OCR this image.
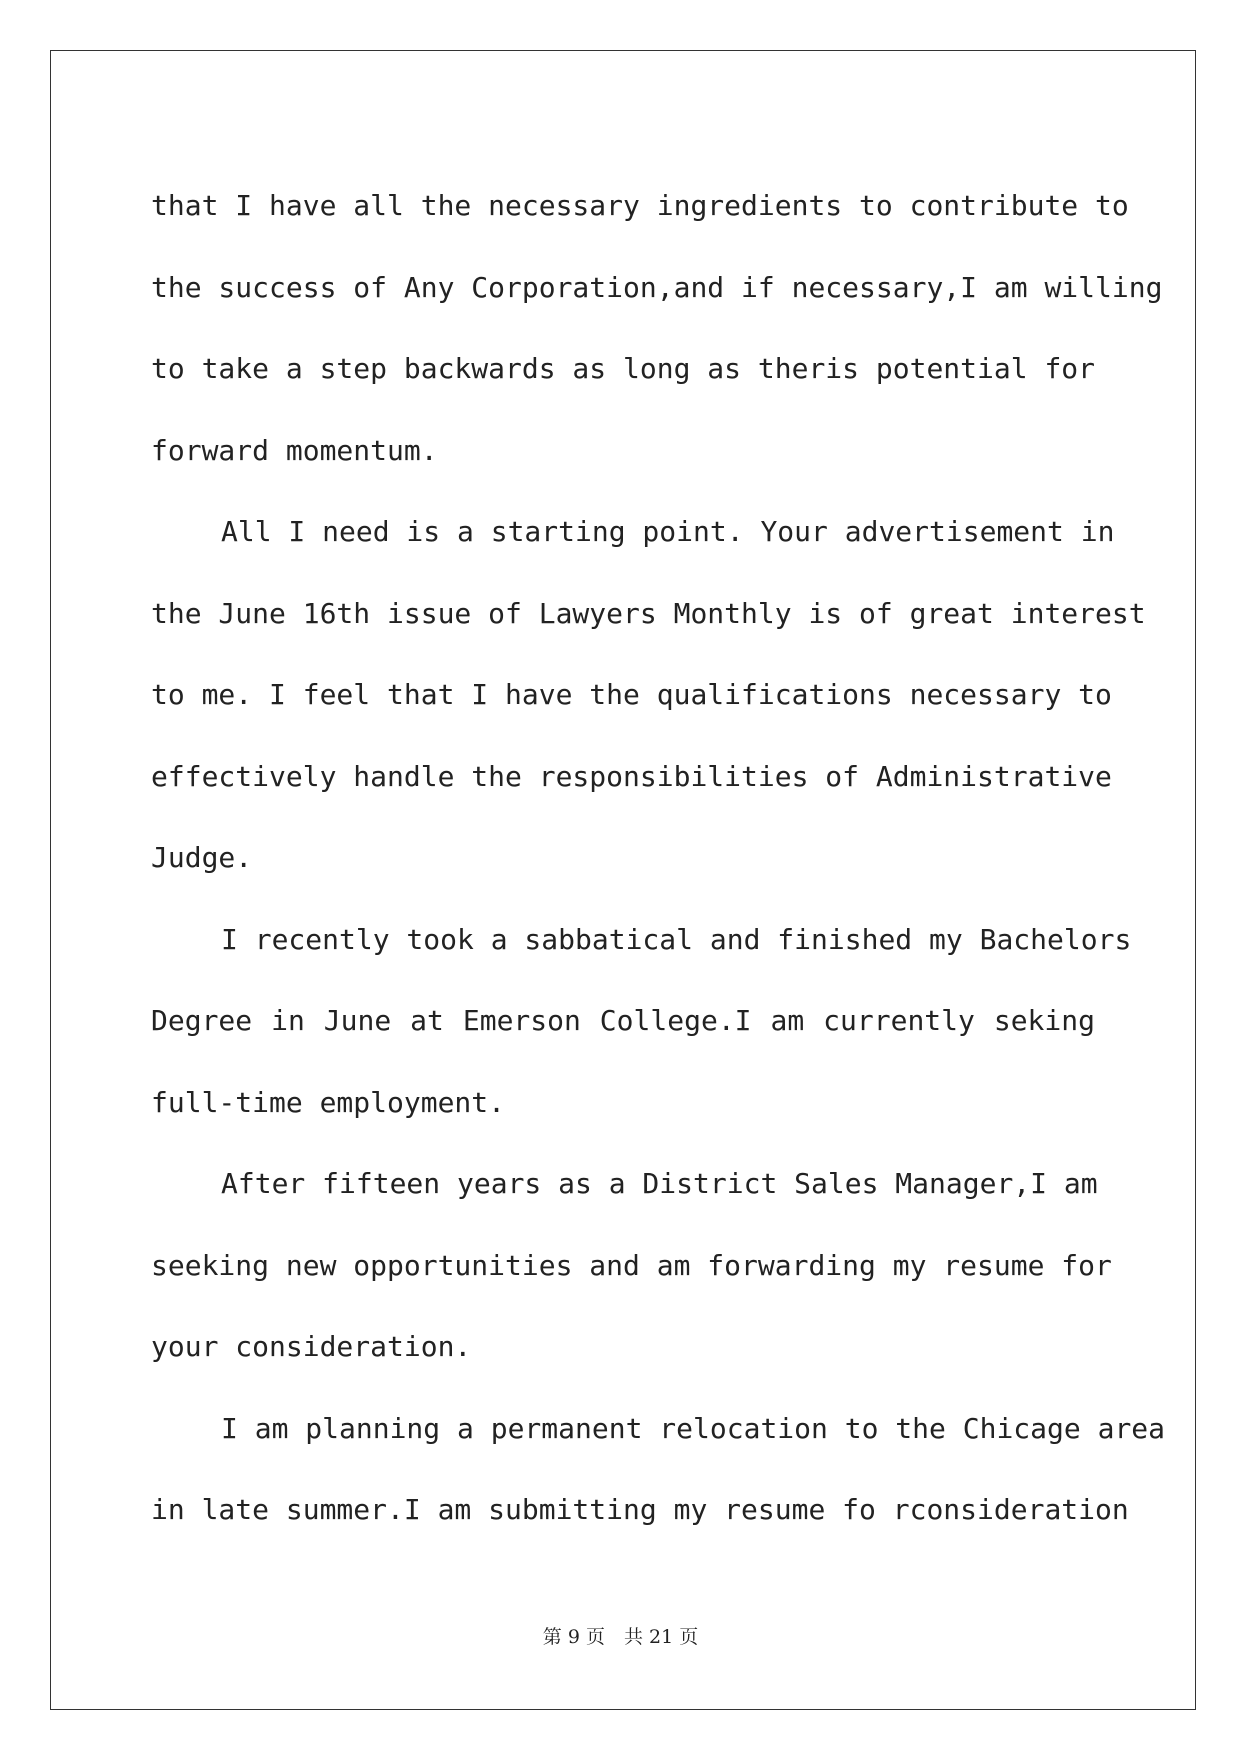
that I have all the necessary ingredients to contribute to
the success of Any Corporation,and if necessary,I am willing
to take a step backwards as long as theris potential for
forward momentum.
All I need is a starting point. Your advertisement in
the June 16th issue of Lawyers Monthly is of great interest
to me. I feel that I have the qualifications necessary to
effectively handle the responsibilities of Administrative
Judge.
I recently took a sabbatical and finished my Bachelors
Degree in June at Emerson College.I am currently seking
full-time employment.
After fifteen years as a District Sales Manager,I am
seeking new opportunities and am forwarding my resume for
your consideration.
I am planning a permanent relocation to the Chicage area
in late summer.I am submitting my resume fo rconsideration
第 9 页　共 21 页
